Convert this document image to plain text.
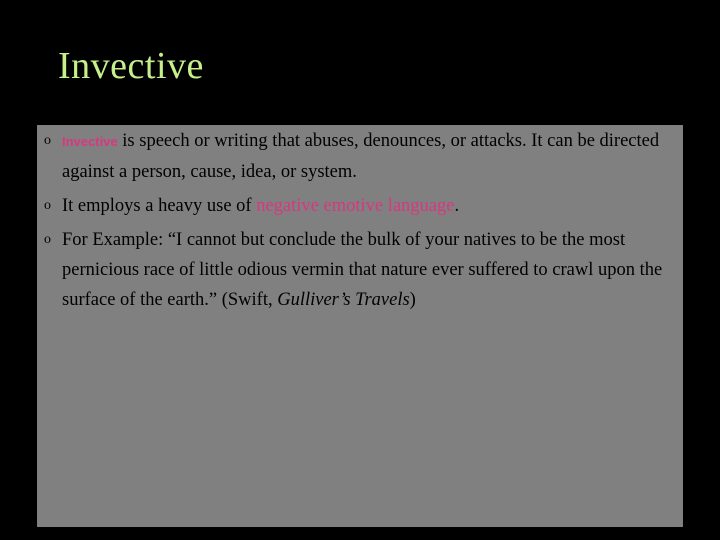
Invective
o Invective is speech or writing that abuses, denounces, or attacks. It can be directed against a person, cause, idea, or system.
o It employs a heavy use of negative emotive language.
o For Example: “I cannot but conclude the bulk of your natives to be the most pernicious race of little odious vermin that nature ever suffered to crawl upon the surface of the earth.” (Swift, Gulliver’s Travels)
